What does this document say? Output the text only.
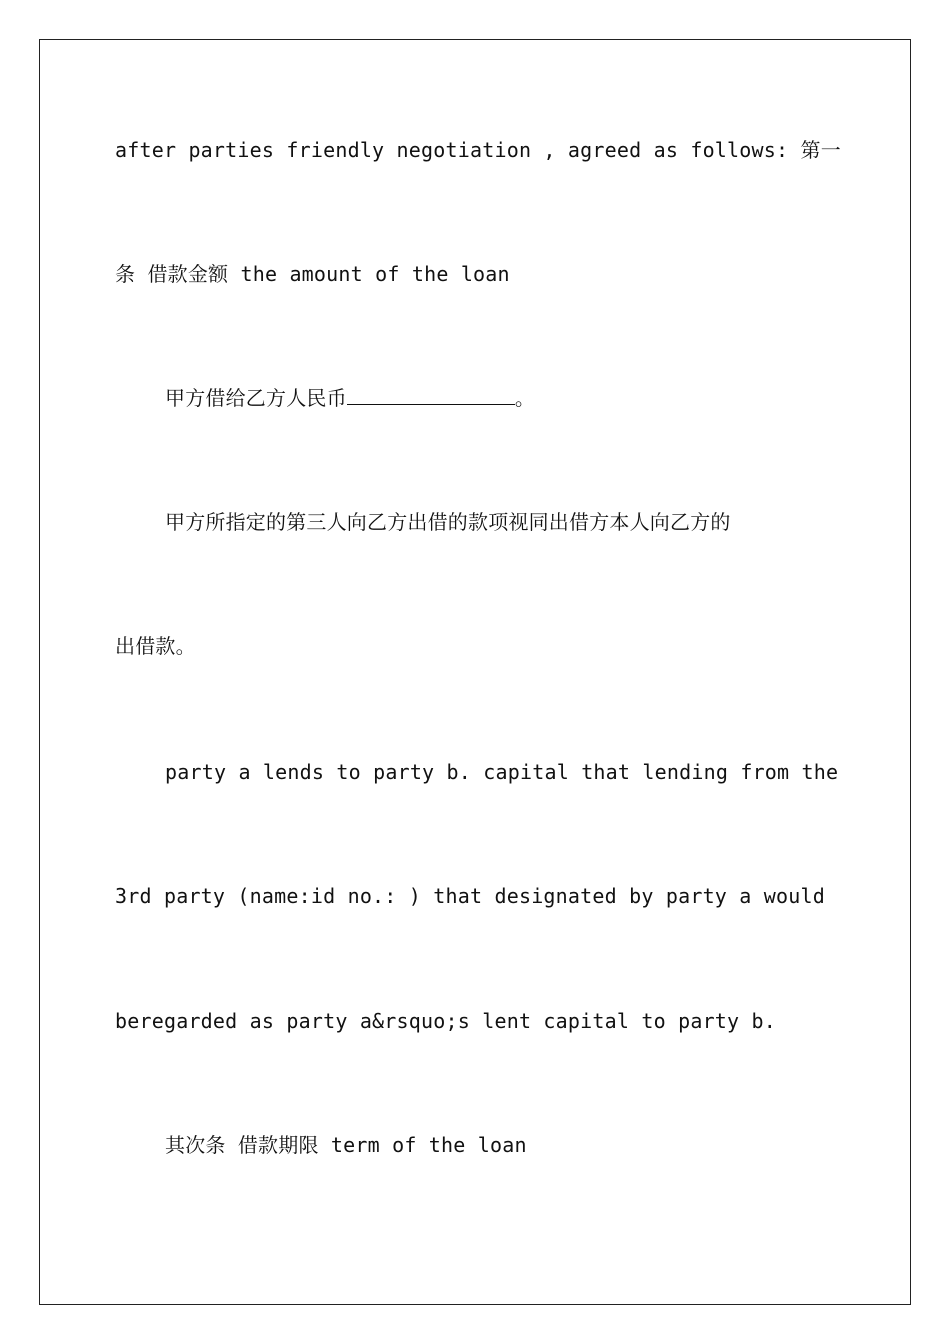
after parties friendly negotiation , agreed as follows: 第一
条 借款金额 the amount of the loan
甲方借给乙方人民币	。
甲方所指定的第三人向乙方出借的款项视同出借方本人向乙方的
出借款。
party a lends to party b. capital that lending from the
3rd party (name:id no.: ) that designated by party a would
beregarded as party a&rsquo;s lent capital to party b.
其次条 借款期限 term of the loan
